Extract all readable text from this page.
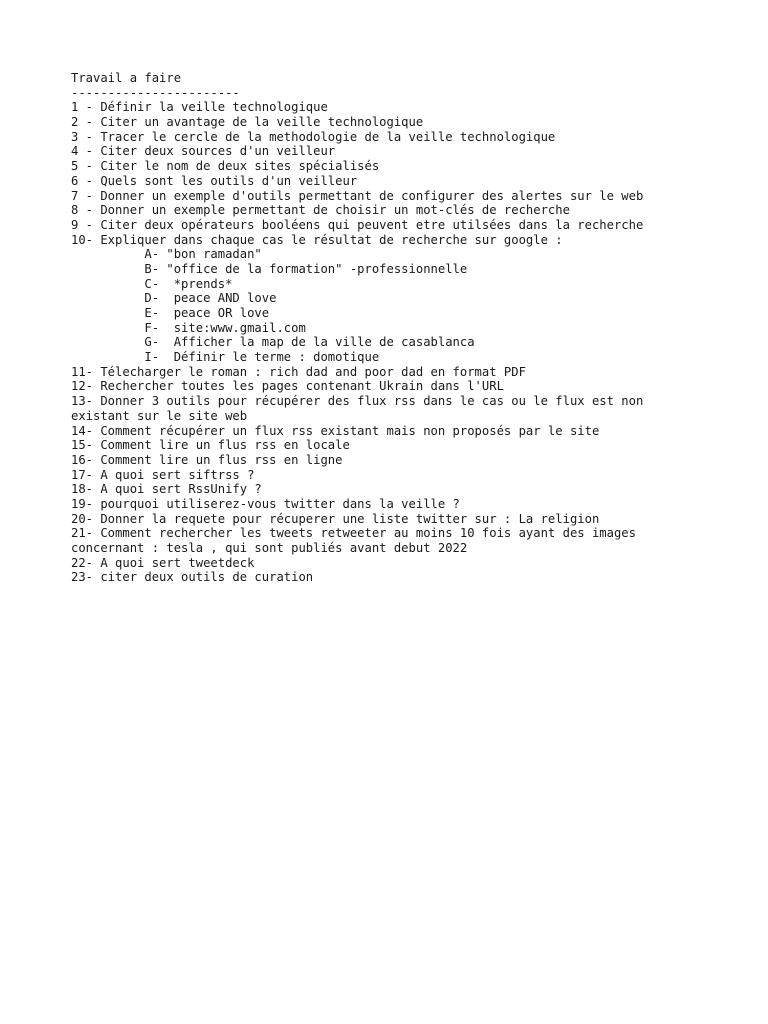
Travail a faire
-----------------------
1 - Définir la veille technologique
2 - Citer un avantage de la veille technologique
3 - Tracer le cercle de la methodologie de la veille technologique
4 - Citer deux sources d'un veilleur
5 - Citer le nom de deux sites spécialisés
6 - Quels sont les outils d'un veilleur
7 - Donner un exemple d'outils permettant de configurer des alertes sur le web
8 - Donner un exemple permettant de choisir un mot-clés de recherche
9 - Citer deux opérateurs booléens qui peuvent etre utilsées dans la recherche
10- Expliquer dans chaque cas le résultat de recherche sur google :
A- "bon ramadan"
B- "office de la formation" -professionnelle
C-  *prends*
D-  peace AND love
E-  peace OR love
F-  site:www.gmail.com
G-  Afficher la map de la ville de casablanca
I-  Définir le terme : domotique
11- Télecharger le roman : rich dad and poor dad en format PDF
12- Rechercher toutes les pages contenant Ukrain dans l'URL
13- Donner 3 outils pour récupérer des flux rss dans le cas ou le flux est non
existant sur le site web
14- Comment récupérer un flux rss existant mais non proposés par le site
15- Comment lire un flus rss en locale
16- Comment lire un flus rss en ligne
17- A quoi sert siftrss ?
18- A quoi sert RssUnify ?
19- pourquoi utiliserez-vous twitter dans la veille ?
20- Donner la requete pour récuperer une liste twitter sur : La religion
21- Comment rechercher les tweets retweeter au moins 10 fois ayant des images
concernant : tesla , qui sont publiés avant debut 2022
22- A quoi sert tweetdeck
23- citer deux outils de curation
